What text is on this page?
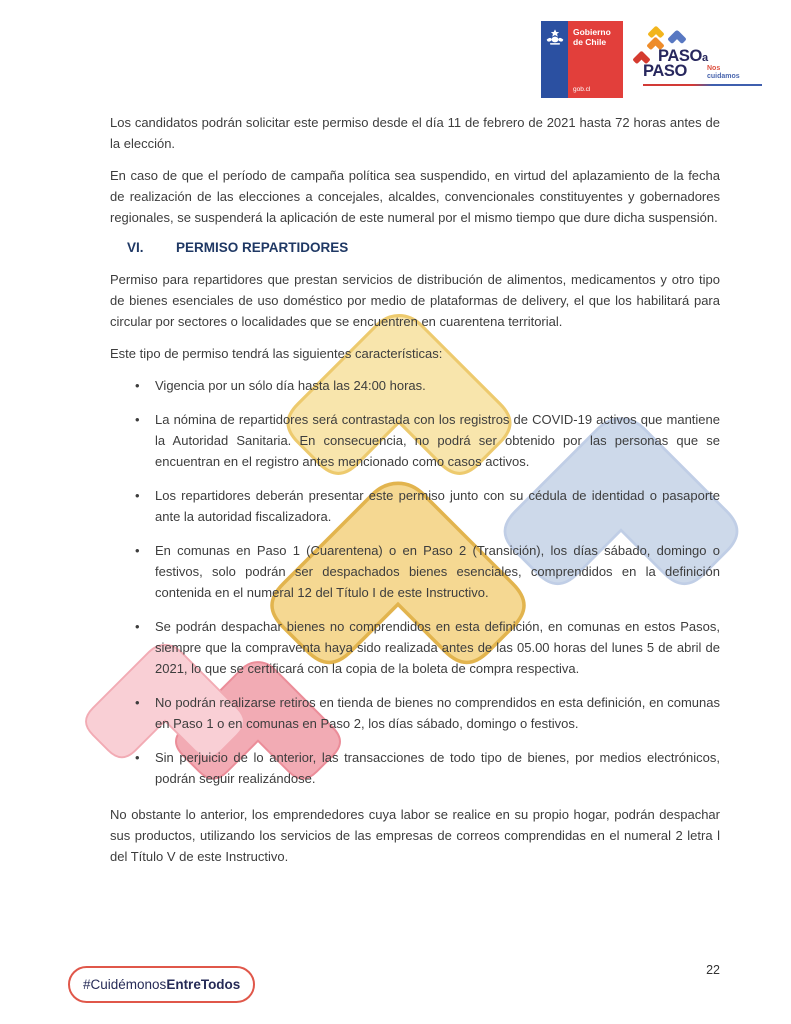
Gobierno
de Chile
gob.cl
PASOa
PASO	Nos
cuidamos

Los candidatos podrán solicitar este permiso desde el día 11 de febrero de 2021 hasta 72 horas antes de la elección.

En caso de que el período de campaña política sea suspendido, en virtud del aplazamiento de la fecha de realización de las elecciones a concejales, alcaldes, convencionales constituyentes y gobernadores regionales, se suspenderá la aplicación de este numeral por el mismo tiempo que dure dicha suspensión.

VI. PERMISO REPARTIDORES

Permiso para repartidores que prestan servicios de distribución de alimentos, medicamentos y otro tipo de bienes esenciales de uso doméstico por medio de plataformas de delivery, el que los habilitará para circular por sectores o localidades que se encuentren en cuarentena territorial.

Este tipo de permiso tendrá las siguientes características:

• Vigencia por un sólo día hasta las 24:00 horas.
• La nómina de repartidores será contrastada con los registros de COVID-19 activos que mantiene la Autoridad Sanitaria. En consecuencia, no podrá ser obtenido por las personas que se encuentran en el registro antes mencionado como casos activos.
• Los repartidores deberán presentar este permiso junto con su cédula de identidad o pasaporte ante la autoridad fiscalizadora.
• En comunas en Paso 1 (Cuarentena) o en Paso 2 (Transición), los días sábado, domingo o festivos, solo podrán ser despachados bienes esenciales, comprendidos en la definición contenida en el numeral 12 del Título I de este Instructivo.
• Se podrán despachar bienes no comprendidos en esta definición, en comunas en estos Pasos, siempre que la compraventa haya sido realizada antes de las 05.00 horas del lunes 5 de abril de 2021, lo que se certificará con la copia de la boleta de compra respectiva.
• No podrán realizarse retiros en tienda de bienes no comprendidos en esta definición, en comunas en Paso 1 o en comunas en Paso 2, los días sábado, domingo o festivos.
• Sin perjuicio de lo anterior, las transacciones de todo tipo de bienes, por medios electrónicos, podrán seguir realizándose.

No obstante lo anterior, los emprendedores cuya labor se realice en su propio hogar, podrán despachar sus productos, utilizando los servicios de las empresas de correos comprendidas en el numeral 2 letra l del Título V de este Instructivo.

#Cuidémonos EntreTodos
22
